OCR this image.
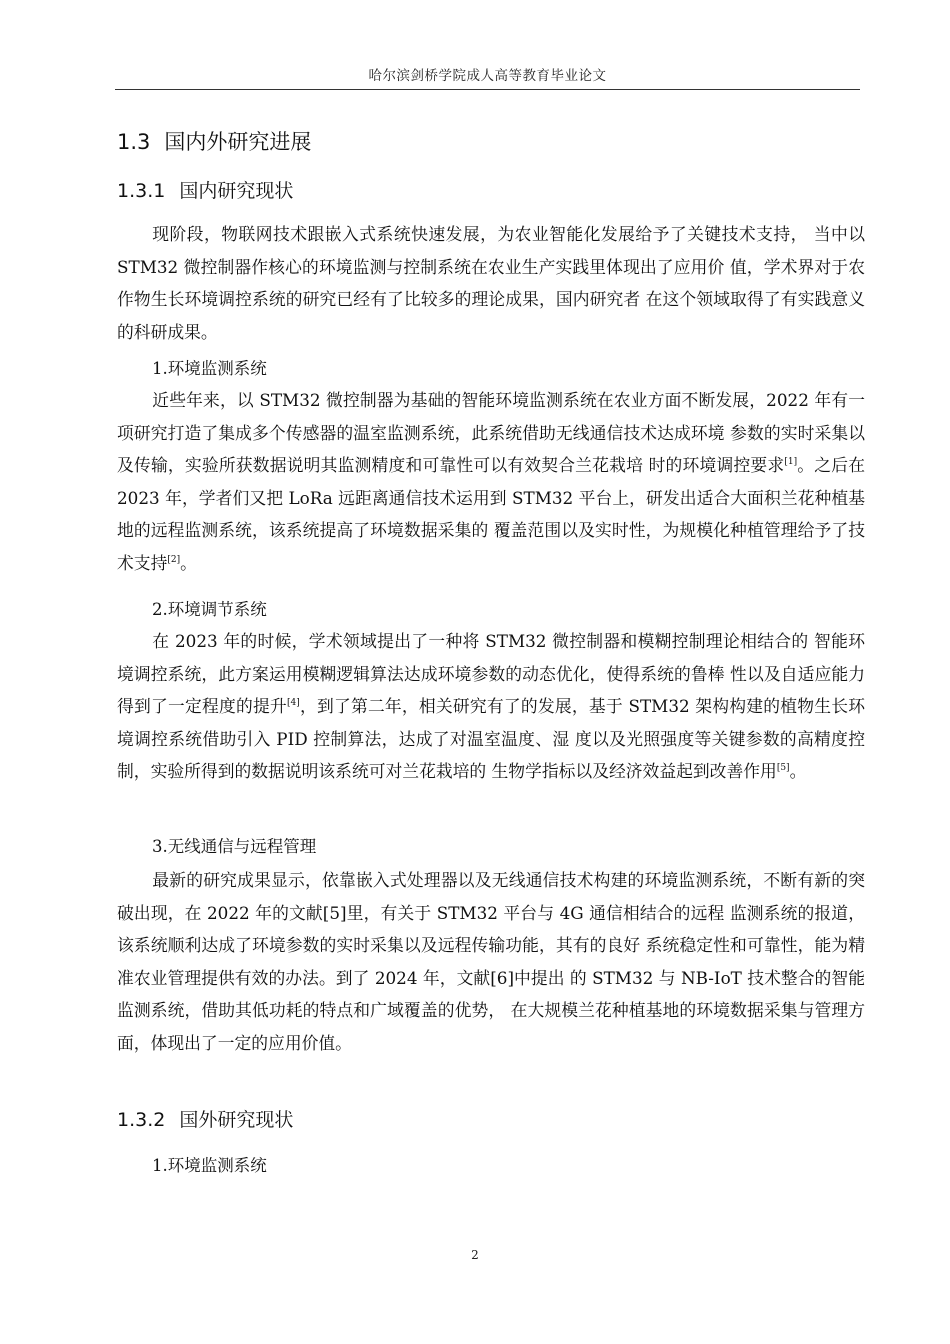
哈尔滨剑桥学院成人高等教育毕业论文
1.3 国内外研究进展
1.3.1 国内研究现状

现阶段，物联网技术跟嵌入式系统快速发展，为农业智能化发展给予了关键技术支持， 当中以 STM32 微控制器作核心的环境监测与控制系统在农业生产实践里体现出了应用价 值，学术界对于农作物生长环境调控系统的研究已经有了比较多的理论成果，国内研究者 在这个领域取得了有实践意义的科研成果。

1.环境监测系统

近些年来，以 STM32 微控制器为基础的智能环境监测系统在农业方面不断发展，2022 年有一项研究打造了集成多个传感器的温室监测系统，此系统借助无线通信技术达成环境 参数的实时采集以及传输，实验所获数据说明其监测精度和可靠性可以有效契合兰花栽培 时的环境调控要求[1]。之后在 2023 年，学者们又把 LoRa 远距离通信技术运用到 STM32 平台上，研发出适合大面积兰花种植基地的远程监测系统，该系统提高了环境数据采集的 覆盖范围以及实时性，为规模化种植管理给予了技术支持[2]。

2.环境调节系统

在 2023 年的时候，学术领域提出了一种将 STM32 微控制器和模糊控制理论相结合的 智能环境调控系统，此方案运用模糊逻辑算法达成环境参数的动态优化，使得系统的鲁棒 性以及自适应能力得到了一定程度的提升[4]，到了第二年，相关研究有了的发展，基于 STM32 架构构建的植物生长环境调控系统借助引入 PID 控制算法，达成了对温室温度、湿 度以及光照强度等关键参数的高精度控制，实验所得到的数据说明该系统可对兰花栽培的 生物学指标以及经济效益起到改善作用[5]。

3.无线通信与远程管理

最新的研究成果显示，依靠嵌入式处理器以及无线通信技术构建的环境监测系统，不断有新的突破出现，在 2022 年的文献[5]里，有关于 STM32 平台与 4G 通信相结合的远程 监测系统的报道，该系统顺利达成了环境参数的实时采集以及远程传输功能，其有的良好 系统稳定性和可靠性，能为精准农业管理提供有效的办法。到了 2024 年，文献[6]中提出 的 STM32 与 NB-IoT 技术整合的智能监测系统，借助其低功耗的特点和广域覆盖的优势， 在大规模兰花种植基地的环境数据采集与管理方面，体现出了一定的应用价值。

1.3.2 国外研究现状
1.环境监测系统
2
